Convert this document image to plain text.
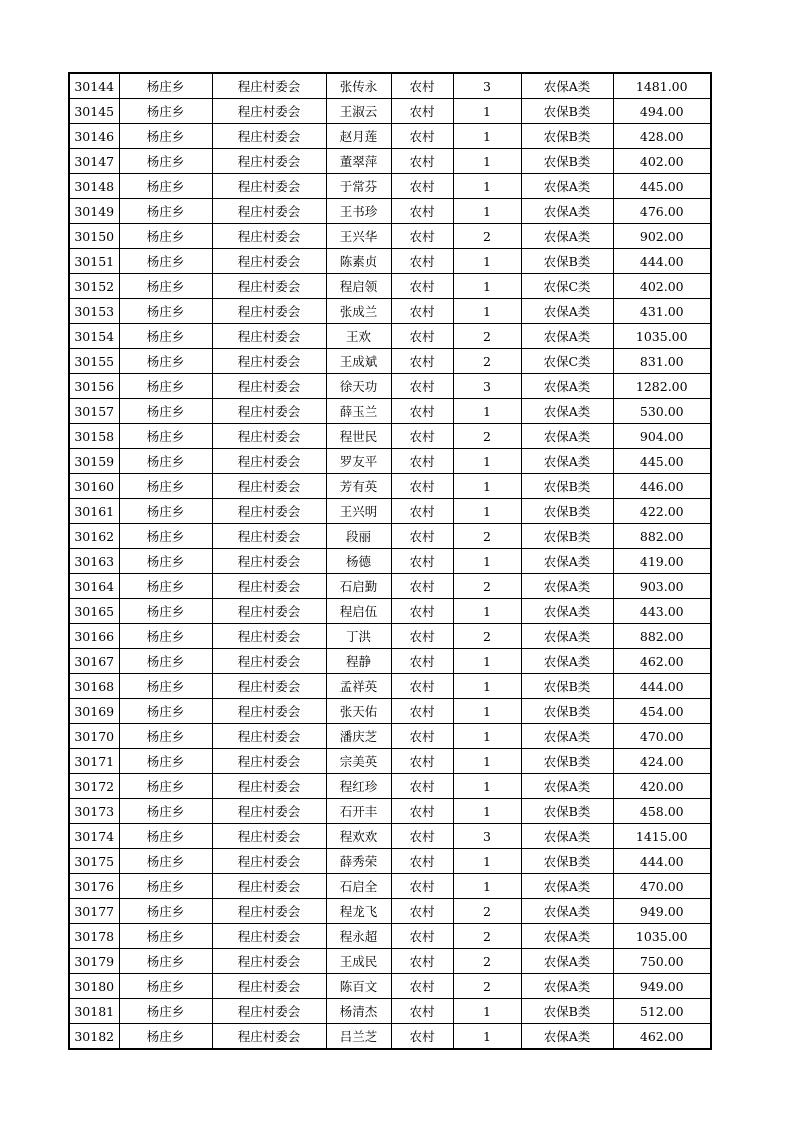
30144	杨庄乡	程庄村委会	张传永	农村	3	农保A类	1481.00
30145	杨庄乡	程庄村委会	王淑云	农村	1	农保B类	494.00
30146	杨庄乡	程庄村委会	赵月莲	农村	1	农保B类	428.00
30147	杨庄乡	程庄村委会	董翠萍	农村	1	农保B类	402.00
30148	杨庄乡	程庄村委会	于常芬	农村	1	农保A类	445.00
30149	杨庄乡	程庄村委会	王书珍	农村	1	农保A类	476.00
30150	杨庄乡	程庄村委会	王兴华	农村	2	农保A类	902.00
30151	杨庄乡	程庄村委会	陈素贞	农村	1	农保B类	444.00
30152	杨庄乡	程庄村委会	程启领	农村	1	农保C类	402.00
30153	杨庄乡	程庄村委会	张成兰	农村	1	农保A类	431.00
30154	杨庄乡	程庄村委会	王欢	农村	2	农保A类	1035.00
30155	杨庄乡	程庄村委会	王成斌	农村	2	农保C类	831.00
30156	杨庄乡	程庄村委会	徐天功	农村	3	农保A类	1282.00
30157	杨庄乡	程庄村委会	薛玉兰	农村	1	农保A类	530.00
30158	杨庄乡	程庄村委会	程世民	农村	2	农保A类	904.00
30159	杨庄乡	程庄村委会	罗友平	农村	1	农保A类	445.00
30160	杨庄乡	程庄村委会	芳有英	农村	1	农保B类	446.00
30161	杨庄乡	程庄村委会	王兴明	农村	1	农保B类	422.00
30162	杨庄乡	程庄村委会	段丽	农村	2	农保B类	882.00
30163	杨庄乡	程庄村委会	杨德	农村	1	农保A类	419.00
30164	杨庄乡	程庄村委会	石启勤	农村	2	农保A类	903.00
30165	杨庄乡	程庄村委会	程启伍	农村	1	农保A类	443.00
30166	杨庄乡	程庄村委会	丁洪	农村	2	农保A类	882.00
30167	杨庄乡	程庄村委会	程静	农村	1	农保A类	462.00
30168	杨庄乡	程庄村委会	孟祥英	农村	1	农保B类	444.00
30169	杨庄乡	程庄村委会	张天佑	农村	1	农保B类	454.00
30170	杨庄乡	程庄村委会	潘庆芝	农村	1	农保A类	470.00
30171	杨庄乡	程庄村委会	宗美英	农村	1	农保B类	424.00
30172	杨庄乡	程庄村委会	程红珍	农村	1	农保A类	420.00
30173	杨庄乡	程庄村委会	石开丰	农村	1	农保B类	458.00
30174	杨庄乡	程庄村委会	程欢欢	农村	3	农保A类	1415.00
30175	杨庄乡	程庄村委会	薛秀荣	农村	1	农保B类	444.00
30176	杨庄乡	程庄村委会	石启全	农村	1	农保A类	470.00
30177	杨庄乡	程庄村委会	程龙飞	农村	2	农保A类	949.00
30178	杨庄乡	程庄村委会	程永超	农村	2	农保A类	1035.00
30179	杨庄乡	程庄村委会	王成民	农村	2	农保A类	750.00
30180	杨庄乡	程庄村委会	陈百文	农村	2	农保A类	949.00
30181	杨庄乡	程庄村委会	杨清杰	农村	1	农保B类	512.00
30182	杨庄乡	程庄村委会	吕兰芝	农村	1	农保A类	462.00
